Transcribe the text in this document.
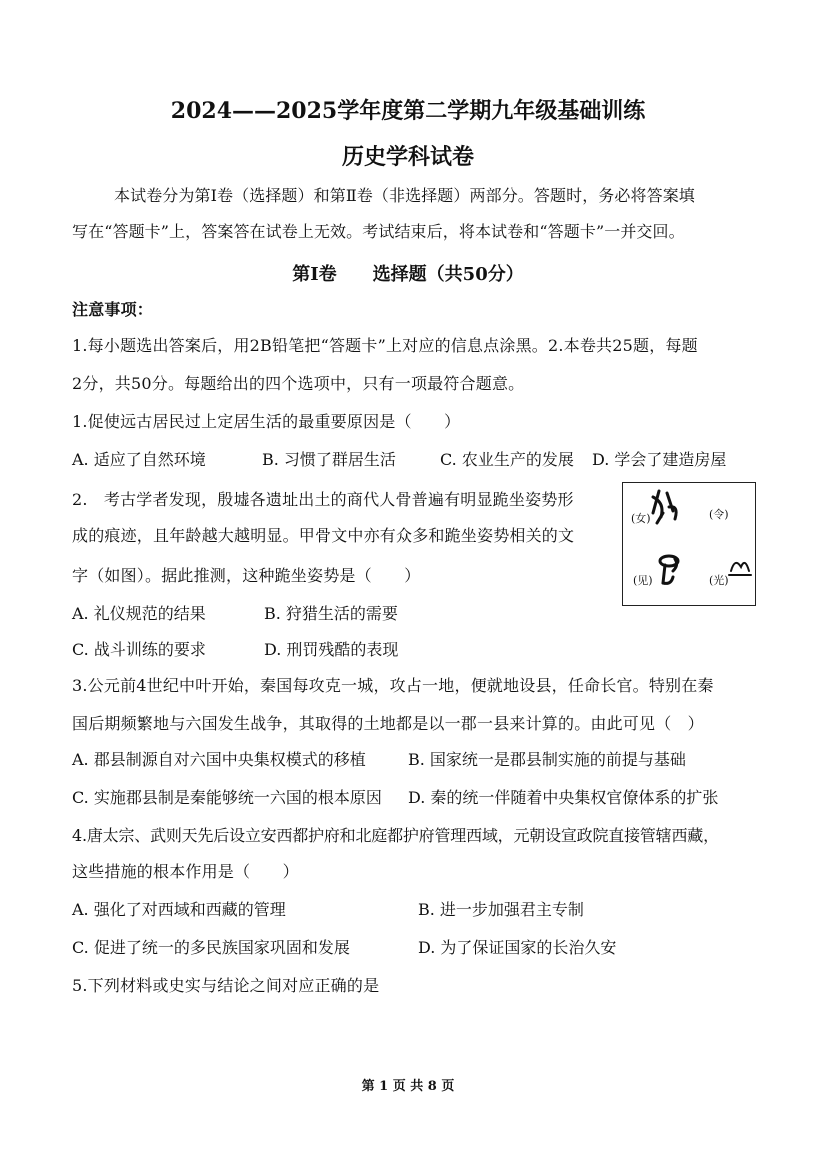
2024——2025学年度第二学期九年级基础训练
历史学科试卷
本试卷分为第Ⅰ卷（选择题）和第Ⅱ卷（非选择题）两部分。答题时，务必将答案填
写在“答题卡”上，答案答在试卷上无效。考试结束后，将本试卷和“答题卡”一并交回。
第Ⅰ卷　　选择题（共50分）
注意事项：
1.每小题选出答案后，用2B铅笔把“答题卡”上对应的信息点涂黑。2.本卷共25题，每题
2分，共50分。每题给出的四个选项中，只有一项最符合题意。
1.促使远古居民过上定居生活的最重要原因是（　　）
A. 适应了自然环境	B. 习惯了群居生活	C. 农业生产的发展 D. 学会了建造房屋
2.　考古学者发现，殷墟各遗址出土的商代人骨普遍有明显跪坐姿势形
成的痕迹，且年龄越大越明显。甲骨文中亦有众多和跪坐姿势相关的文
字（如图）。据此推测，这种跪坐姿势是（　　）
A. 礼仪规范的结果	B. 狩猎生活的需要
C. 战斗训练的要求	D. 刑罚残酷的表现
(女)	(令)
(见)	(光)
3.公元前4世纪中叶开始，秦国每攻克一城，攻占一地，便就地设县，任命长官。特别在秦
国后期频繁地与六国发生战争，其取得的土地都是以一郡一县来计算的。由此可见（　）
A. 郡县制源自对六国中央集权模式的移植	B. 国家统一是郡县制实施的前提与基础
C. 实施郡县制是秦能够统一六国的根本原因 D. 秦的统一伴随着中央集权官僚体系的扩张
4.唐太宗、武则天先后设立安西都护府和北庭都护府管理西域，元朝设宣政院直接管辖西藏，
这些措施的根本作用是（　　）
A. 强化了对西域和西藏的管理	B. 进一步加强君主专制
C. 促进了统一的多民族国家巩固和发展	D. 为了保证国家的长治久安
5.下列材料或史实与结论之间对应正确的是
第 1 页 共 8 页
